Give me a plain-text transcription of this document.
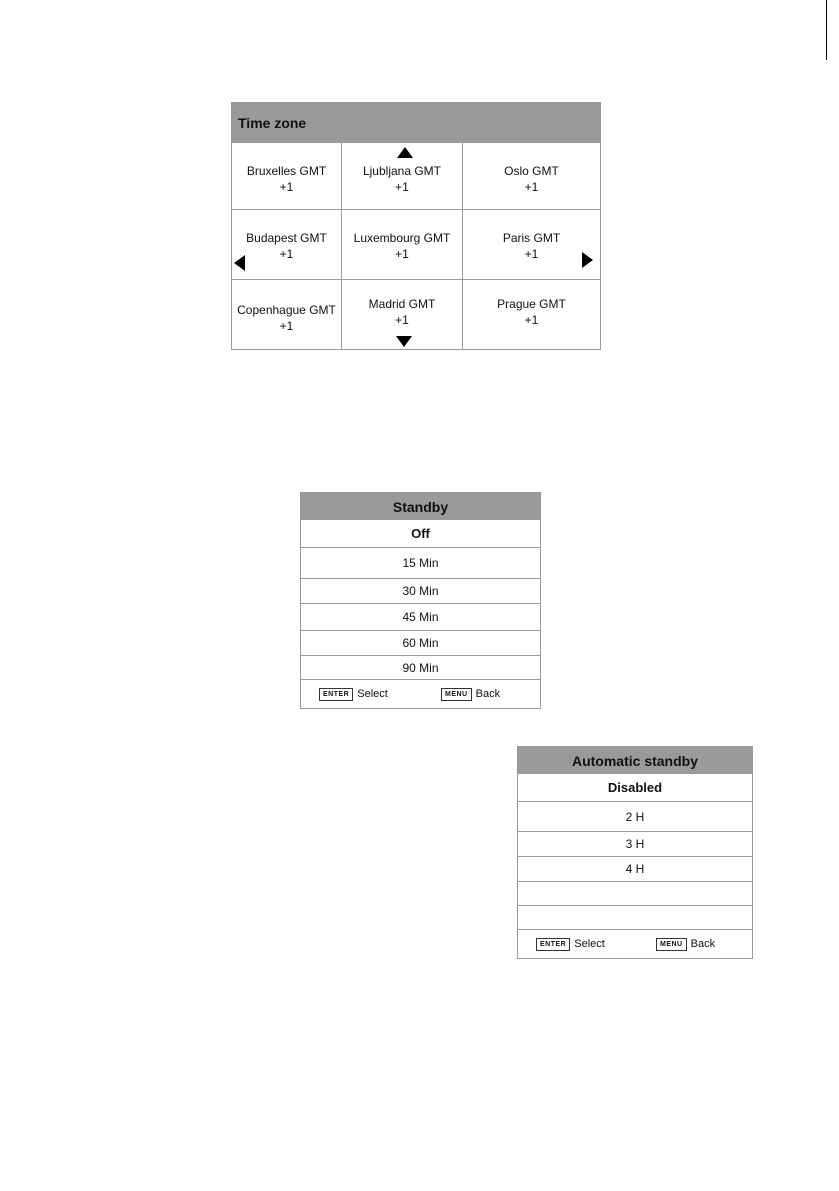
Time zone
Bruxelles GMT
+1
Ljubljana GMT
+1
Oslo GMT
+1
Budapest GMT
+1
Luxembourg GMT
+1
Paris GMT
+1
Copenhague GMT
+1
Madrid GMT
+1
Prague GMT
+1
Standby
Off
15 Min
30 Min
45 Min
60 Min
90 Min
ENTER Select	MENU Back
Automatic standby
Disabled
2 H
3 H
4 H
ENTER Select	MENU Back
